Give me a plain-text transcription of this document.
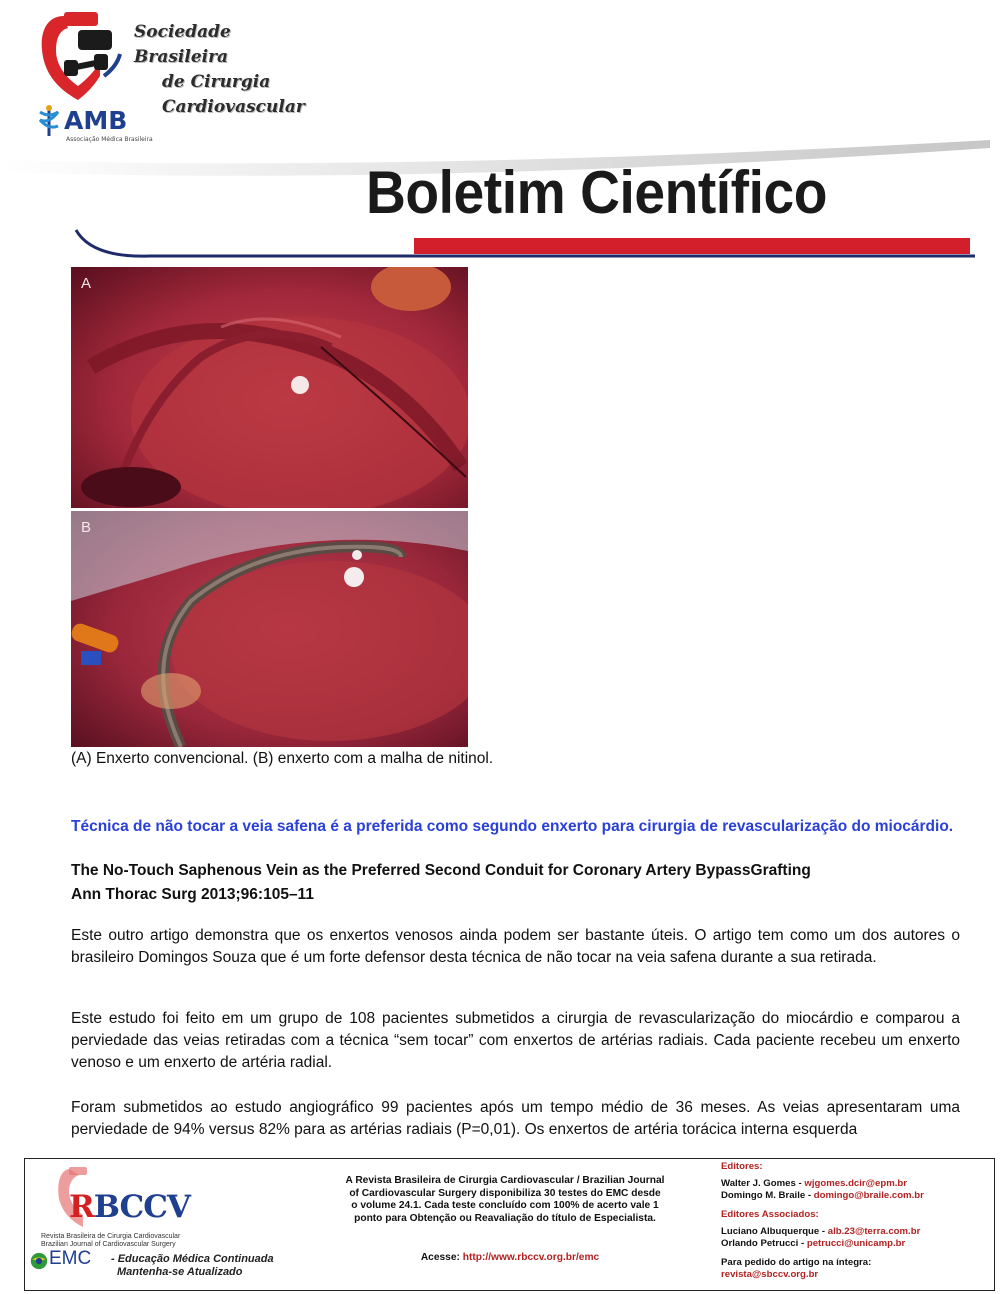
Sociedade Brasileira
de Cirurgia
Cardiovascular
AMB
Associação Médica Brasileira
Boletim Científico
A
B
(A) Enxerto convencional. (B) enxerto com a malha de nitinol.
Técnica de não tocar a veia safena é a preferida como segundo enxerto para cirurgia de revascularização do miocárdio.
The No-Touch Saphenous Vein as the Preferred Second Conduit for Coronary Artery BypassGrafting
Ann Thorac Surg 2013;96:105–11
Este outro artigo demonstra que os enxertos venosos ainda podem ser bastante úteis. O artigo tem como um dos autores o brasileiro Domingos Souza que é um forte defensor desta técnica de não tocar na veia safena durante a sua retirada.
Este estudo foi feito em um grupo de 108 pacientes submetidos a cirurgia de revascularização do miocárdio e comparou a perviedade das veias retiradas com a técnica “sem tocar” com enxertos de artérias radiais. Cada paciente recebeu um enxerto venoso e um enxerto de artéria radial.
Foram submetidos ao estudo angiográfico 99 pacientes após um tempo médio de 36 meses. As veias apresentaram uma perviedade de 94% versus 82% para as artérias radiais (P=0,01). Os enxertos de artéria torácica interna esquerda
RBCCV
Revista Brasileira de Cirurgia Cardiovascular
Brazilian Journal of Cardiovascular Surgery
EMC - Educação Médica Continuada
Mantenha-se Atualizado
A Revista Brasileira de Cirurgia Cardiovascular / Brazilian Journal of Cardiovascular Surgery disponibiliza 30 testes do EMC desde o volume 24.1. Cada teste concluído com 100% de acerto vale 1 ponto para Obtenção ou Reavaliação do título de Especialista.
Acesse: http://www.rbccv.org.br/emc
Editores:
Walter J. Gomes - wjgomes.dcir@epm.br
Domingo M. Braile - domingo@braile.com.br
Editores Associados:
Luciano Albuquerque - alb.23@terra.com.br
Orlando Petrucci - petrucci@unicamp.br
Para pedido do artigo na íntegra:
revista@sbccv.org.br
